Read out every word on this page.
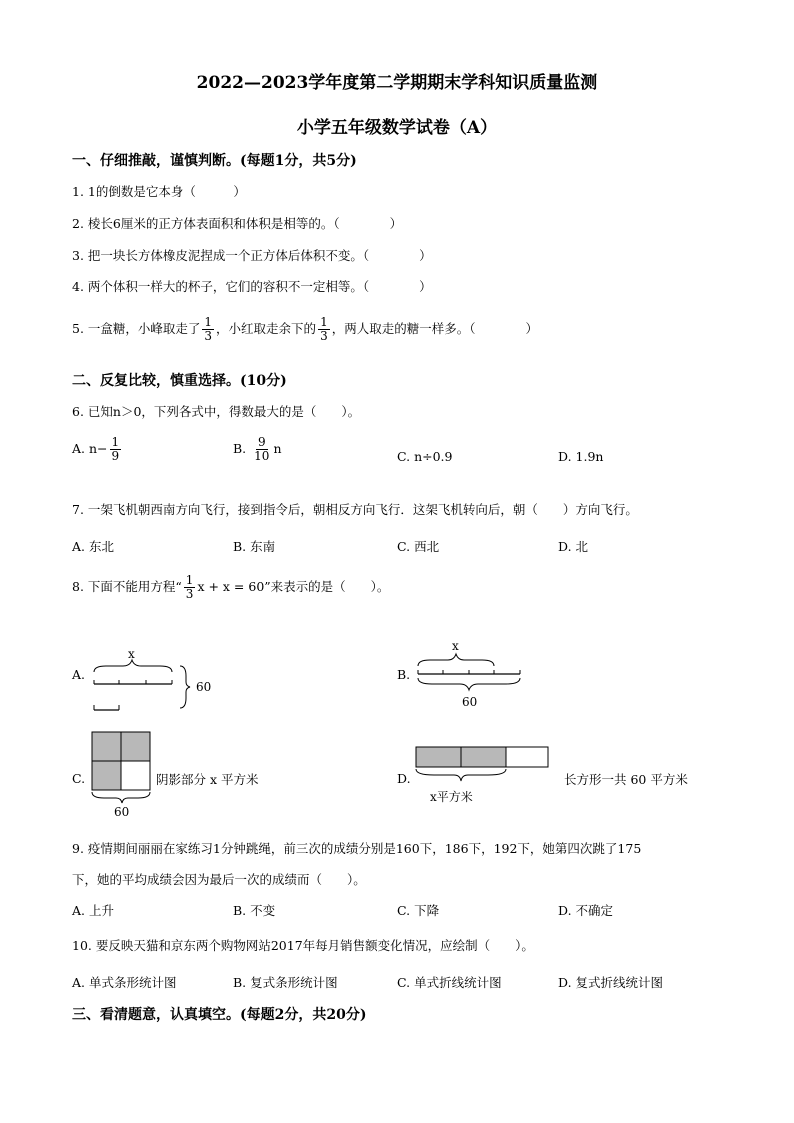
2022—2023学年度第二学期期末学科知识质量监测
小学五年级数学试卷（A）
一、仔细推敲，谨慎判断。(每题1分，共5分)
1. 1的倒数是它本身（　　　）
2. 棱长6厘米的正方体表面积和体积是相等的。（　　　　）
3. 把一块长方体橡皮泥捏成一个正方体后体积不变。（　　　　）
4. 两个体积一样大的杯子，它们的容积不一定相等。（　　　　）
5. 一盒糖，小峰取走了 $\frac{1}{3}$ ，小红取走余下的 $\frac{1}{3}$ ，两人取走的糖一样多。（　　　　）
二、反复比较，慎重选择。(10分)
6. 已知n＞0，下列各式中，得数最大的是（　　）。
A. $n- \frac{1}{9}$	B. $\frac{9}{10}$ n
C. n÷0.9	D. 1.9n
7. 一架飞机朝西南方向飞行，接到指令后，朝相反方向飞行．这架飞机转向后，朝（　　）方向飞行。
A. 东北	B. 东南	C. 西北	D. 北
8. 下面不能用方程“ $\frac{1}{3}$ x + x = 60”来表示的是（　　）。
A.
x
60
B.
x
60
C.
60
阴影部分 x 平方米	D.
x平方米
长方形一共 60 平方米
9. 疫情期间丽丽在家练习1分钟跳绳，前三次的成绩分别是160下，186下，192下，她第四次跳了175
下，她的平均成绩会因为最后一次的成绩而（　　）。
A. 上升	B. 不变	C. 下降	D. 不确定
10. 要反映天猫和京东两个购物网站2017年每月销售额变化情况，应绘制（　　）。
A. 单式条形统计图	B. 复式条形统计图	C. 单式折线统计图	D. 复式折线统计图
三、看清题意，认真填空。(每题2分，共20分)
